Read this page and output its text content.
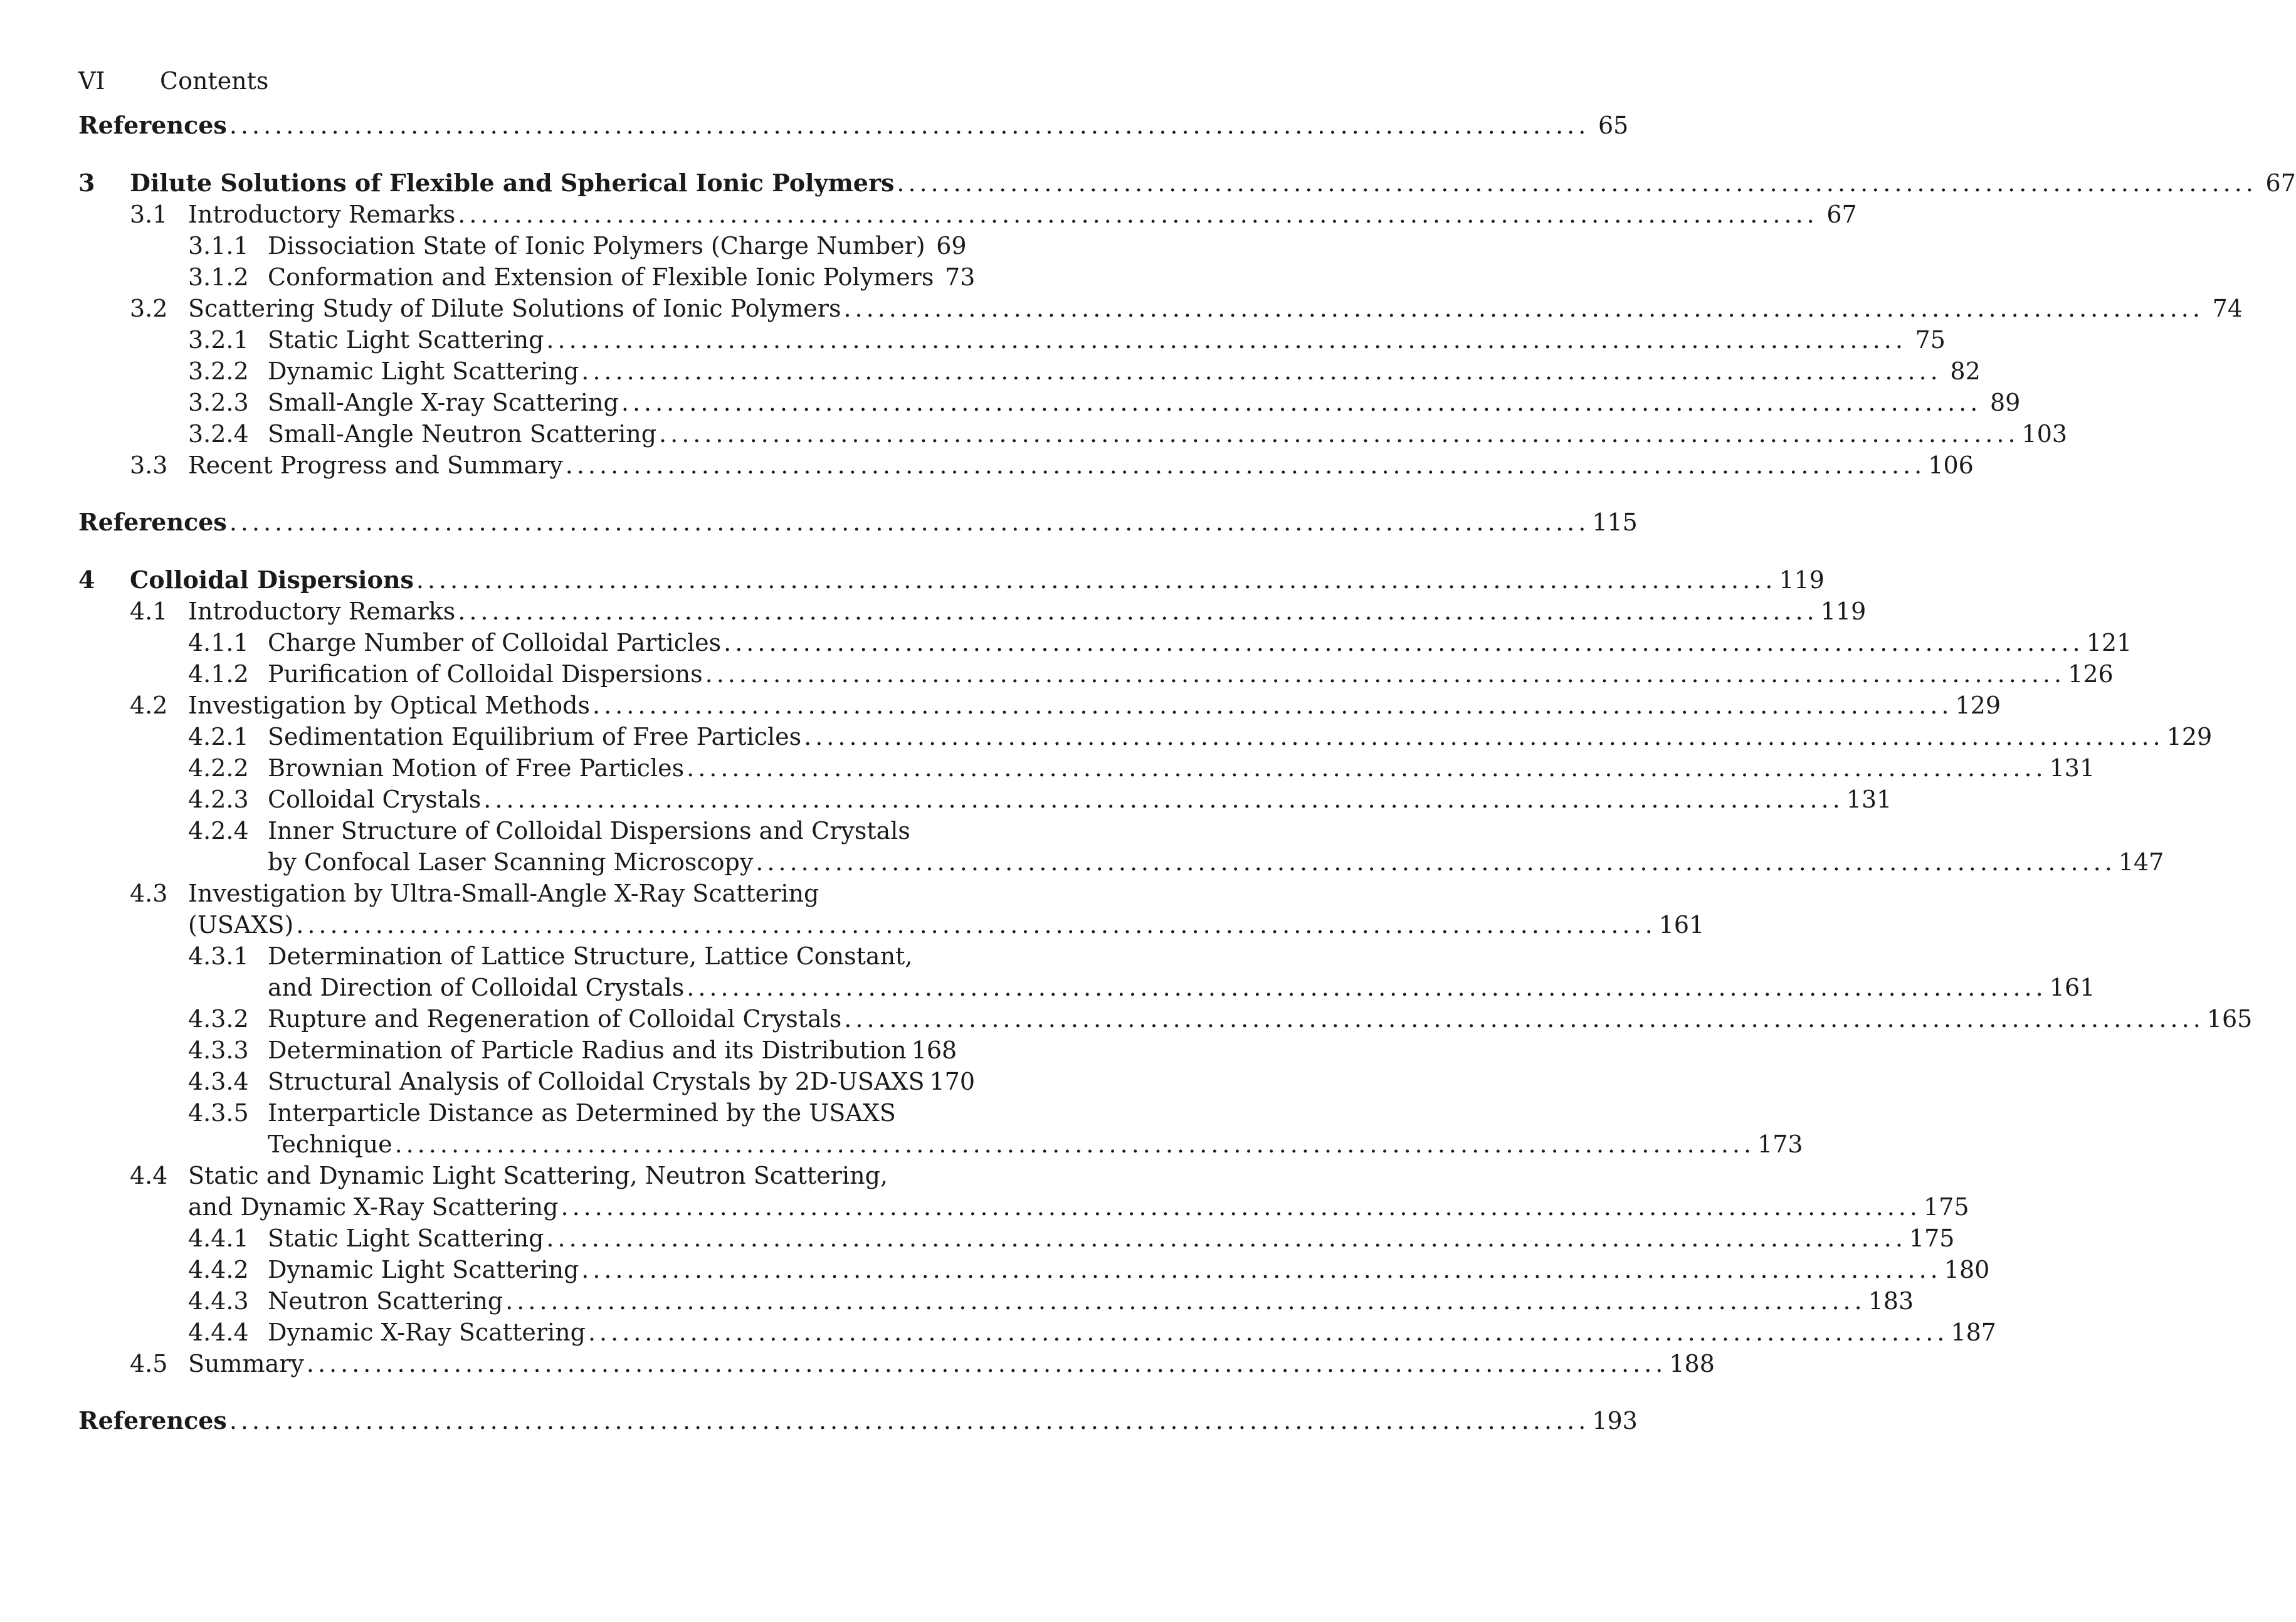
VI Contents
References ........................................................................................................................ 65
3 Dilute Solutions of Flexible and Spherical Ionic Polymers ........................................................................................................................ 67
3.1 Introductory Remarks ........................................................................................................................ 67
3.1.1 Dissociation State of Ionic Polymers (Charge Number) 69
3.1.2 Conformation and Extension of Flexible Ionic Polymers 73
3.2 Scattering Study of Dilute Solutions of Ionic Polymers ........................................................................................................................ 74
3.2.1 Static Light Scattering ........................................................................................................................ 75
3.2.2 Dynamic Light Scattering ........................................................................................................................ 82
3.2.3 Small-Angle X-ray Scattering ........................................................................................................................ 89
3.2.4 Small-Angle Neutron Scattering ........................................................................................................................ 103
3.3 Recent Progress and Summary ........................................................................................................................ 106
References ........................................................................................................................ 115
4 Colloidal Dispersions ........................................................................................................................ 119
4.1 Introductory Remarks ........................................................................................................................ 119
4.1.1 Charge Number of Colloidal Particles ........................................................................................................................ 121
4.1.2 Purification of Colloidal Dispersions ........................................................................................................................ 126
4.2 Investigation by Optical Methods ........................................................................................................................ 129
4.2.1 Sedimentation Equilibrium of Free Particles ........................................................................................................................ 129
4.2.2 Brownian Motion of Free Particles ........................................................................................................................ 131
4.2.3 Colloidal Crystals ........................................................................................................................ 131
4.2.4 Inner Structure of Colloidal Dispersions and Crystals
by Confocal Laser Scanning Microscopy ........................................................................................................................ 147
4.3 Investigation by Ultra-Small-Angle X-Ray Scattering
(USAXS) ........................................................................................................................ 161
4.3.1 Determination of Lattice Structure, Lattice Constant,
and Direction of Colloidal Crystals ........................................................................................................................ 161
4.3.2 Rupture and Regeneration of Colloidal Crystals ........................................................................................................................ 165
4.3.3 Determination of Particle Radius and its Distribution 168
4.3.4 Structural Analysis of Colloidal Crystals by 2D-USAXS 170
4.3.5 Interparticle Distance as Determined by the USAXS
Technique ........................................................................................................................ 173
4.4 Static and Dynamic Light Scattering, Neutron Scattering,
and Dynamic X-Ray Scattering ........................................................................................................................ 175
4.4.1 Static Light Scattering ........................................................................................................................ 175
4.4.2 Dynamic Light Scattering ........................................................................................................................ 180
4.4.3 Neutron Scattering ........................................................................................................................ 183
4.4.4 Dynamic X-Ray Scattering ........................................................................................................................ 187
4.5 Summary ........................................................................................................................ 188
References ........................................................................................................................ 193
